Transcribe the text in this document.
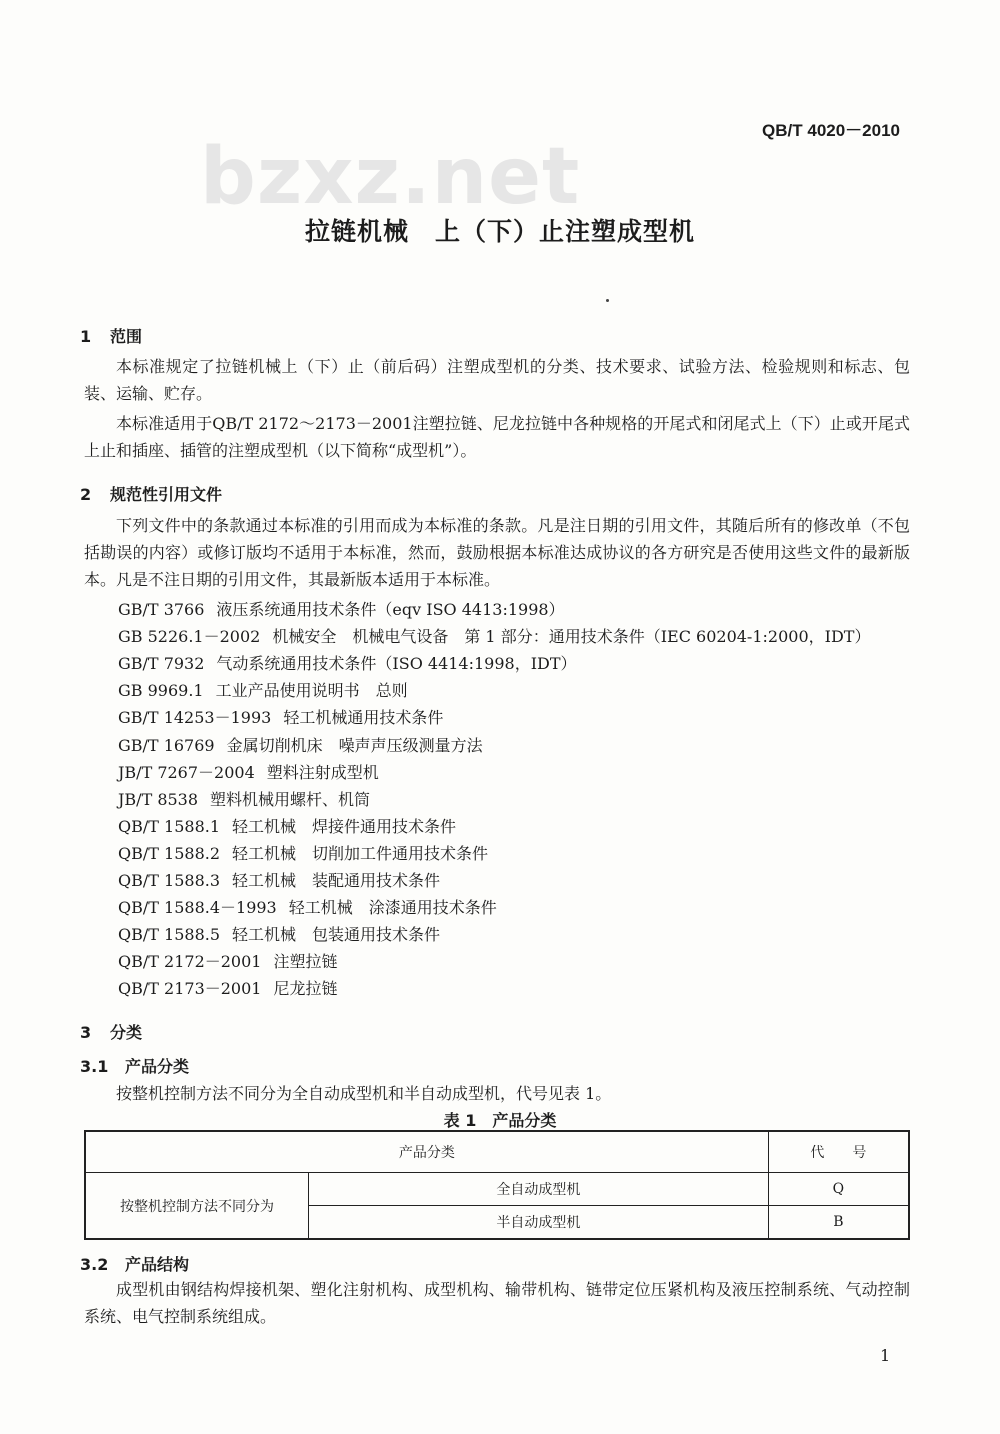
QB/T 4020－2010
bzxz.net
拉链机械　上（下）止注塑成型机
1 范围
本标准规定了拉链机械上（下）止（前后码）注塑成型机的分类、技术要求、试验方法、检验规则和标志、包装、运输、贮存。
本标准适用于QB/T 2172～2173－2001注塑拉链、尼龙拉链中各种规格的开尾式和闭尾式上（下）止或开尾式上止和插座、插管的注塑成型机（以下简称“成型机”）。
2 规范性引用文件
下列文件中的条款通过本标准的引用而成为本标准的条款。凡是注日期的引用文件，其随后所有的修改单（不包括勘误的内容）或修订版均不适用于本标准，然而，鼓励根据本标准达成协议的各方研究是否使用这些文件的最新版本。凡是不注日期的引用文件，其最新版本适用于本标准。
GB/T 3766 液压系统通用技术条件（eqv ISO 4413:1998）
GB 5226.1－2002 机械安全　机械电气设备　第 1 部分：通用技术条件（IEC 60204-1:2000，IDT）
GB/T 7932 气动系统通用技术条件（ISO 4414:1998，IDT）
GB 9969.1 工业产品使用说明书　总则
GB/T 14253－1993 轻工机械通用技术条件
GB/T 16769 金属切削机床　噪声声压级测量方法
JB/T 7267－2004 塑料注射成型机
JB/T 8538 塑料机械用螺杆、机筒
QB/T 1588.1 轻工机械　焊接件通用技术条件
QB/T 1588.2 轻工机械　切削加工件通用技术条件
QB/T 1588.3 轻工机械　装配通用技术条件
QB/T 1588.4－1993 轻工机械　涂漆通用技术条件
QB/T 1588.5 轻工机械　包装通用技术条件
QB/T 2172－2001 注塑拉链
QB/T 2173－2001 尼龙拉链
3 分类
3.1 产品分类
按整机控制方法不同分为全自动成型机和半自动成型机，代号见表 1。
表 1　产品分类
产品分类		代　　号
按整机控制方法不同分为	全自动成型机	Q
	半自动成型机	B
3.2 产品结构
成型机由钢结构焊接机架、塑化注射机构、成型机构、输带机构、链带定位压紧机构及液压控制系统、气动控制系统、电气控制系统组成。
1
